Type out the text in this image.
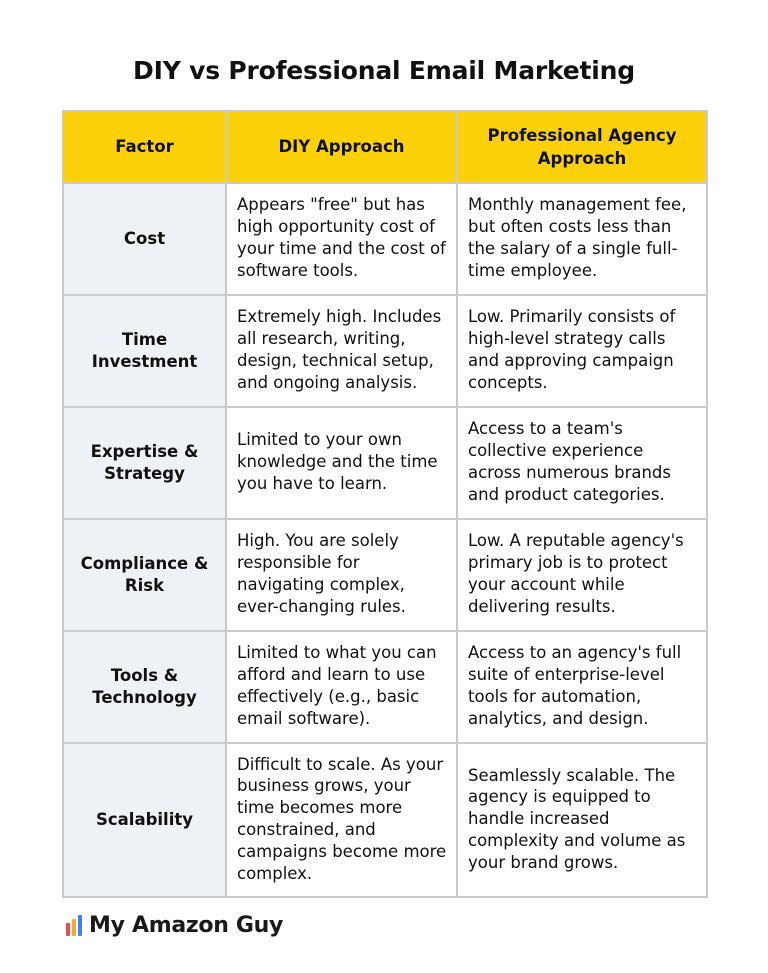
DIY vs Professional Email Marketing
Factor	DIY Approach	Professional Agency Approach
Cost	Appears "free" but has high opportunity cost of your time and the cost of software tools.	Monthly management fee, but often costs less than the salary of a single full-time employee.
Time Investment	Extremely high. Includes all research, writing, design, technical setup, and ongoing analysis.	Low. Primarily consists of high-level strategy calls and approving campaign concepts.
Expertise & Strategy	Limited to your own knowledge and the time you have to learn.	Access to a team's collective experience across numerous brands and product categories.
Compliance & Risk	High. You are solely responsible for navigating complex, ever-changing rules.	Low. A reputable agency's primary job is to protect your account while delivering results.
Tools & Technology	Limited to what you can afford and learn to use effectively (e.g., basic email software).	Access to an agency's full suite of enterprise-level tools for automation, analytics, and design.
Scalability	Difficult to scale. As your business grows, your time becomes more constrained, and campaigns become more complex.	Seamlessly scalable. The agency is equipped to handle increased complexity and volume as your brand grows.
My Amazon Guy
